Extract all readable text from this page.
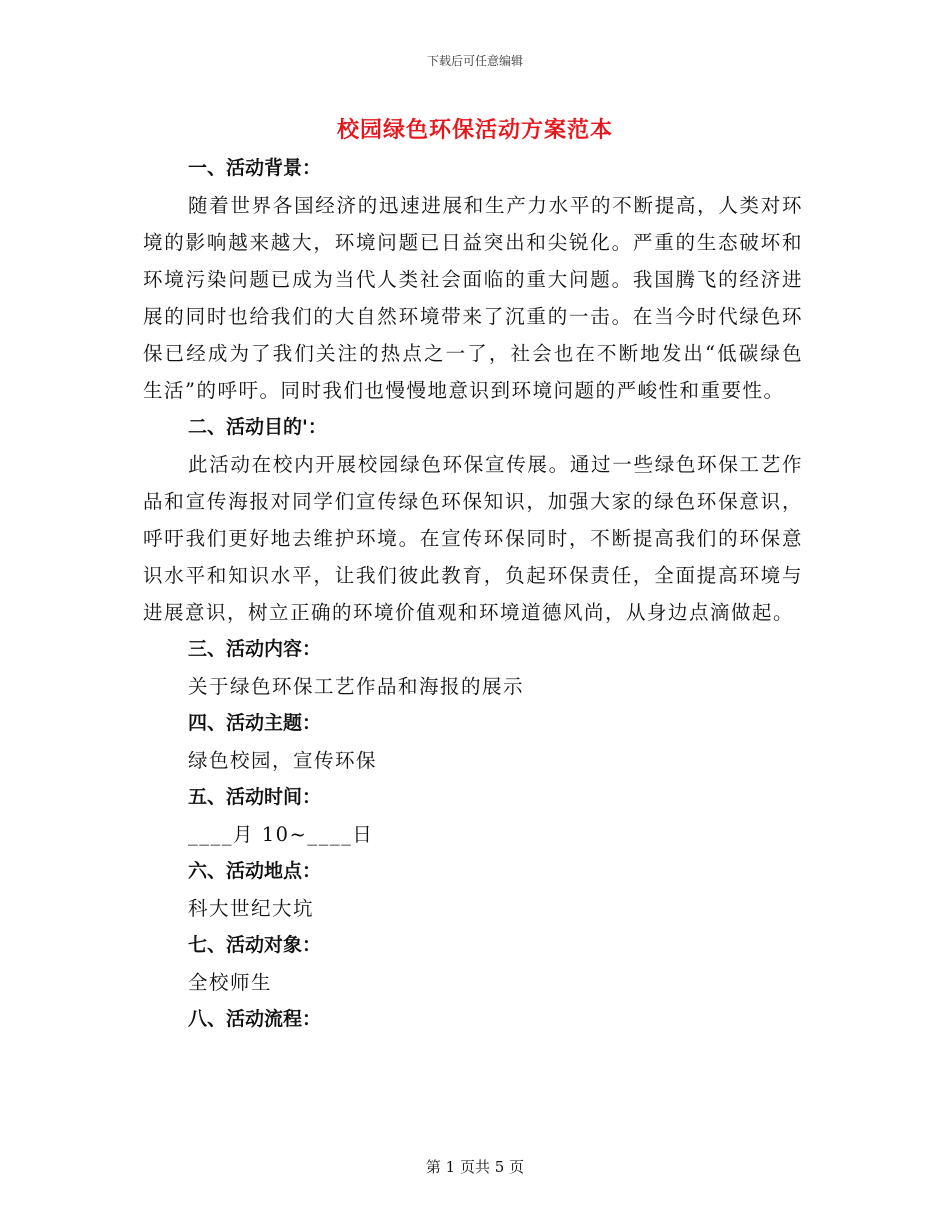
下载后可任意编辑
校园绿色环保活动方案范本
一、活动背景：

随着世界各国经济的迅速进展和生产力水平的不断提高，人类对环境的影响越来越大，环境问题已日益突出和尖锐化。严重的生态破坏和环境污染问题已成为当代人类社会面临的重大问题。我国腾飞的经济进展的同时也给我们的大自然环境带来了沉重的一击。在当今时代绿色环保已经成为了我们关注的热点之一了，社会也在不断地发出“低碳绿色生活”的呼吁。同时我们也慢慢地意识到环境问题的严峻性和重要性。

二、活动目的'：

此活动在校内开展校园绿色环保宣传展。通过一些绿色环保工艺作品和宣传海报对同学们宣传绿色环保知识，加强大家的绿色环保意识，呼吁我们更好地去维护环境。在宣传环保同时，不断提高我们的环保意识水平和知识水平，让我们彼此教育，负起环保责任，全面提高环境与进展意识，树立正确的环境价值观和环境道德风尚，从身边点滴做起。

三、活动内容：
关于绿色环保工艺作品和海报的展示
四、活动主题：
绿色校园，宣传环保
五、活动时间：
____月 10~____日
六、活动地点：
科大世纪大坑
七、活动对象：
全校师生
八、活动流程：
第 1 页共 5 页
